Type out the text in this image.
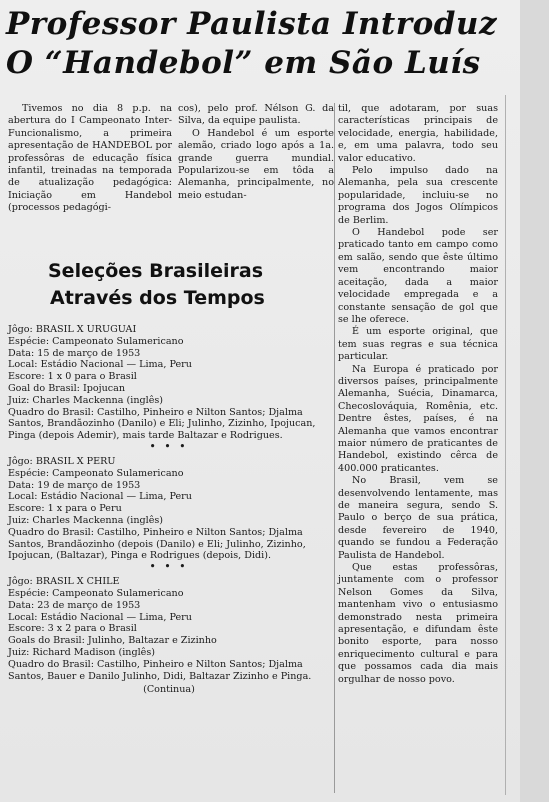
Professor Paulista Introduz
O “Handebol” em São Luís

Tivemos no dia 8 p.p. na abertura do I Campeonato Inter-Funcionalismo, a primeira apresentação de HANDEBOL por professôras de educação física infantil, treinadas na temporada de atualização pedagógica: Iniciação em Handebol (processos pedagógi-

cos), pelo prof. Nélson G. da Silva, da equipe paulista.

O Handebol é um esporte alemão, criado logo após a 1a. grande guerra mundial. Popularizou-se em tôda a Alemanha, principalmente, no meio estudan-

Seleções Brasileiras
Através dos Tempos

Jôgo: BRASIL X URUGUAI

Espécie: Campeonato Sulamericano

Data: 15 de março de 1953

Local: Estádio Nacional — Lima, Peru

Escore: 1 x 0 para o Brasil

Goal do Brasil: Ipojucan

Juiz: Charles Mackenna (inglês)

Quadro do Brasil: Castilho, Pinheiro e Nilton Santos; Djalma Santos, Brandãozinho (Danilo) e Eli; Julinho, Zizinho, Ipojucan, Pinga (depois Ademir), mais tarde Baltazar e Rodrigues.

• • •

Jôgo: BRASIL X PERU

Espécie: Campeonato Sulamericano

Data: 19 de março de 1953

Local: Estádio Nacional — Lima, Peru

Escore: 1 x para o Peru

Juiz: Charles Mackenna (inglês)

Quadro do Brasil: Castilho, Pinheiro e Nilton Santos; Djalma Santos, Brandãozinho (depois (Danilo) e Eli; Julinho, Zizinho, Ipojucan, (Baltazar), Pinga e Rodrigues (depois, Didi).

• • •

Jôgo: BRASIL X CHILE

Espécie: Campeonato Sulamericano

Data: 23 de março de 1953

Local: Estádio Nacional — Lima, Peru

Escore: 3 x 2 para o Brasil

Goals do Brasil: Julinho, Baltazar e Zizinho

Juiz: Richard Madison (inglês)

Quadro do Brasil: Castilho, Pinheiro e Nilton Santos; Djalma Santos, Bauer e Danilo Julinho, Didi, Baltazar Zizinho e Pinga.

(Continua)

til, que adotaram, por suas características principais de velocidade, energia, habilidade, e, em uma palavra, todo seu valor educativo.

Pelo impulso dado na Alemanha, pela sua crescente popularidade, incluiu-se no programa dos Jogos Olímpicos de Berlim.

O Handebol pode ser praticado tanto em campo como em salão, sendo que êste último vem encontrando maior aceitação, dada a maior velocidade empregada e a constante sensação de gol que se lhe oferece.

É um esporte original, que tem suas regras e sua técnica particular.

Na Europa é praticado por diversos países, principalmente Alemanha, Suécia, Dinamarca, Checoslováquia, Romênia, etc. Dentre êstes, países, é na Alemanha que vamos encontrar maior número de praticantes de Handebol, existindo cêrca de 400.000 praticantes.

No Brasil, vem se desenvolvendo lentamente, mas de maneira segura, sendo S. Paulo o berço de sua prática, desde fevereiro de 1940, quando se fundou a Federação Paulista de Handebol.

Que estas professôras, juntamente com o professor Nelson Gomes da Silva, mantenham vivo o entusiasmo demonstrado nesta primeira apresentação, e difundam êste bonito esporte, para nosso enriquecimento cultural e para que possamos cada dia mais orgulhar de nosso povo.
